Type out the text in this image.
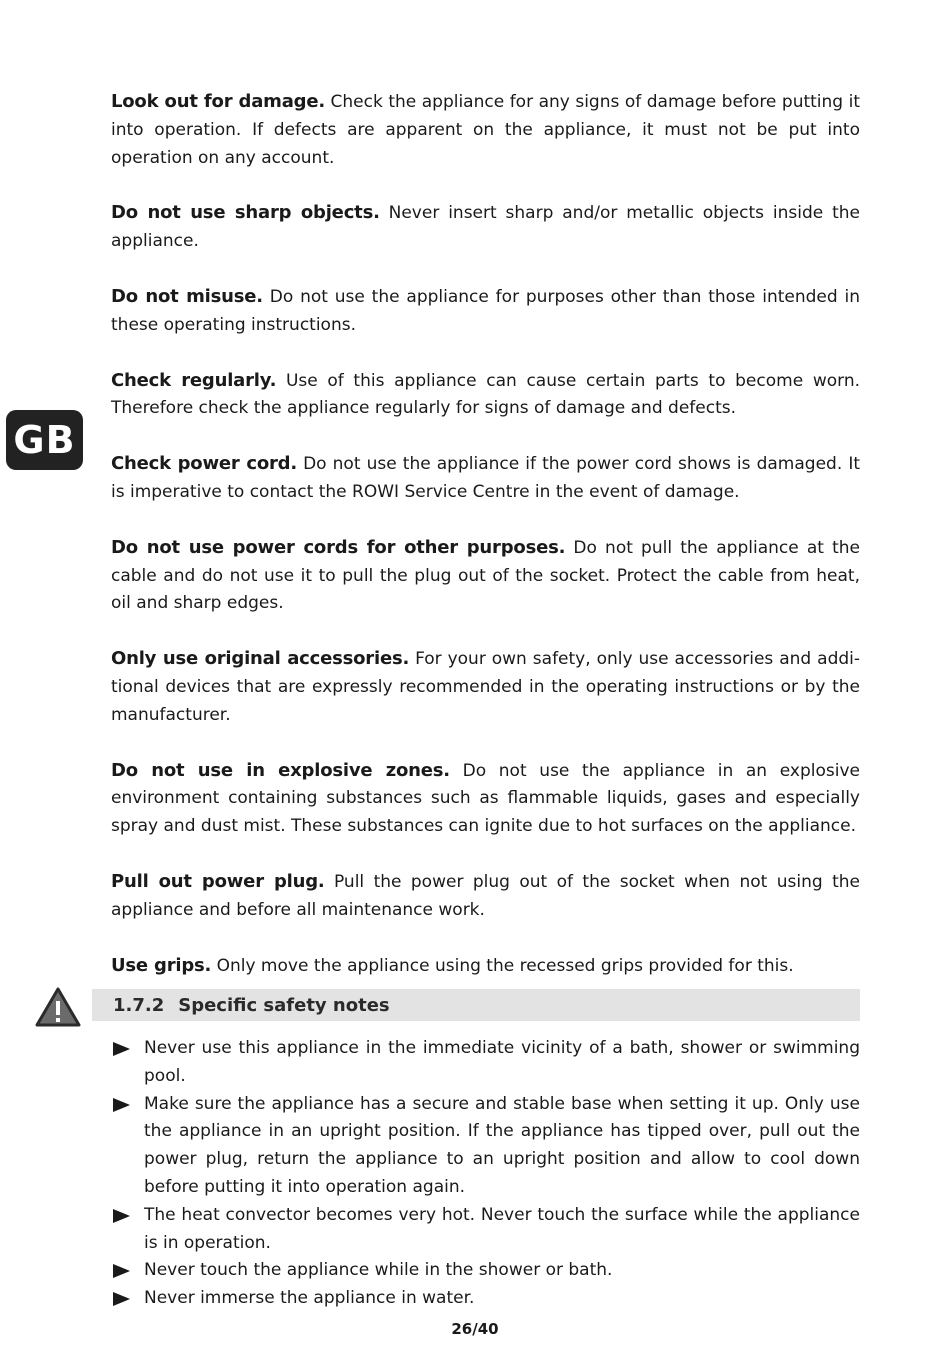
GB

Look out for damage. Check the appliance for any signs of damage before putting it into operation. If defects are apparent on the appliance, it must not be put into operation on any account.

Do not use sharp objects. Never insert sharp and/or metallic objects inside the appliance.

Do not misuse. Do not use the appliance for purposes other than those intended in these operating instructions.

Check regularly. Use of this appliance can cause certain parts to become worn. Therefore check the appliance regularly for signs of damage and defects.

Check power cord. Do not use the appliance if the power cord shows is damaged. It is imperative to contact the ROWI Service Centre in the event of damage.

Do not use power cords for other purposes. Do not pull the appliance at the cable and do not use it to pull the plug out of the socket. Protect the cable from heat, oil and sharp edges.

Only use original accessories. For your own safety, only use accessories and addi-tional devices that are expressly recommended in the operating instructions or by the manufacturer.

Do not use in explosive zones. Do not use the appliance in an explosive environment containing substances such as flammable liquids, gases and especially spray and dust mist. These substances can ignite due to hot surfaces on the appliance.

Pull out power plug. Pull the power plug out of the socket when not using the appliance and before all maintenance work.

Use grips. Only move the appliance using the recessed grips provided for this.

1.7.2 Specific safety notes
Never use this appliance in the immediate vicinity of a bath, shower or swimming pool.
Make sure the appliance has a secure and stable base when setting it up. Only use the appliance in an upright position. If the appliance has tipped over, pull out the power plug, return the appliance to an upright position and allow to cool down before putting it into operation again.
The heat convector becomes very hot. Never touch the surface while the appliance is in operation.
Never touch the appliance while in the shower or bath.
Never immerse the appliance in water.
26/40
